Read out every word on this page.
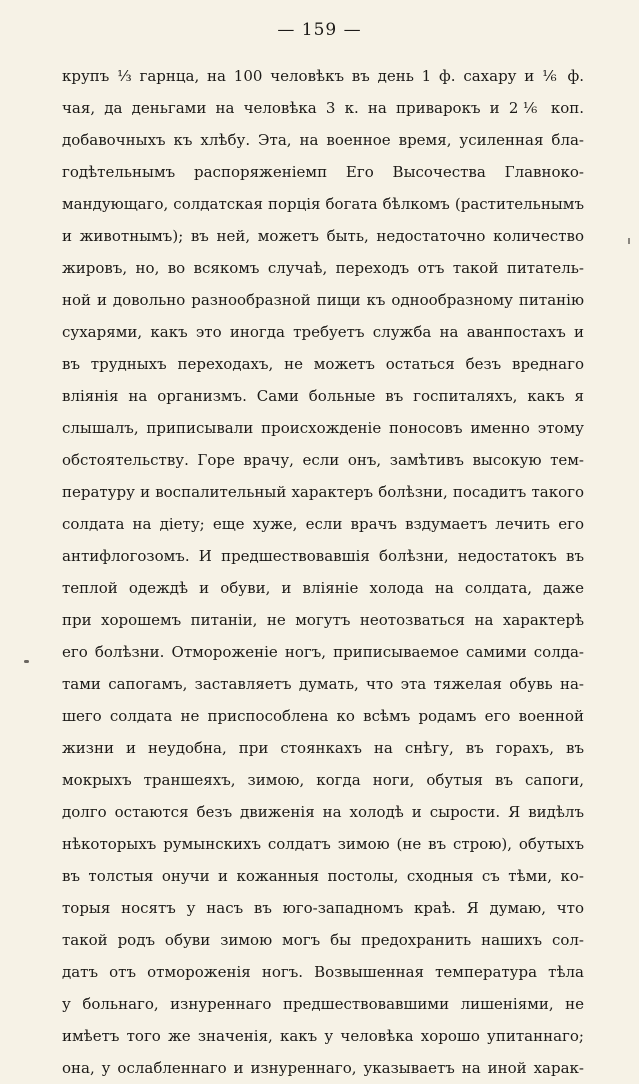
— 159 —
крупъ ⅓ гарнца, на 100 человѣкъ въ день 1 ф. сахару и ⅙ ф.
чая, да деньгами на человѣка 3 к. на приварокъ и 2⅙ коп.
добавочныхъ къ хлѣбу. Эта, на военное время, усиленная бла-
годѣтельнымъ распоряженіемп Его Высочества Главноко-
мандующаго, солдатская порція богата бѣлкомъ (растительнымъ
и животнымъ); въ ней, можетъ быть, недостаточно количество
жировъ, но, во всякомъ случаѣ, переходъ отъ такой питатель-
ной и довольно разнообразной пищи къ однообразному питанію
сухарями, какъ это иногда требуетъ служба на аванпостахъ и
въ трудныхъ переходахъ, не можетъ остаться безъ вреднаго
вліянія на организмъ. Сами больные въ госпиталяхъ, какъ я
слышалъ, приписывали происхожденіе поносовъ именно этому
обстоятельству. Горе врачу, если онъ, замѣтивъ высокую тем-
пературу и воспалительный характеръ болѣзни, посадитъ такого
солдата на діету; еще хуже, если врачъ вздумаетъ лечить его
антифлогозомъ. И предшествовавшія болѣзни, недостатокъ въ
теплой одеждѣ и обуви, и вліяніе холода на солдата, даже
при хорошемъ питаніи, не могутъ неотозваться на характерѣ
его болѣзни. Отмороженіе ногъ, приписываемое самими солда-
тами сапогамъ, заставляетъ думать, что эта тяжелая обувь на-
шего солдата не приспособлена ко всѣмъ родамъ его военной
жизни и неудобна, при стоянкахъ на снѣгу, въ горахъ, въ
мокрыхъ траншеяхъ, зимою, когда ноги, обутыя въ сапоги,
долго остаются безъ движенія на холодѣ и сырости. Я видѣлъ
нѣкоторыхъ румынскихъ солдатъ зимою (не въ строю), обутыхъ
въ толстыя онучи и кожанныя постолы, сходныя съ тѣми, ко-
торыя носятъ у насъ въ юго-западномъ краѣ. Я думаю, что
такой родъ обуви зимою могъ бы предохранить нашихъ сол-
датъ отъ отмороженія ногъ. Возвышенная температура тѣла
у больнаго, изнуреннаго предшествовавшими лишеніями, не
имѣетъ того же значенія, какъ у человѣка хорошо упитаннаго;
она, у ослабленнаго и изнуреннаго, указываетъ на иной харак-
